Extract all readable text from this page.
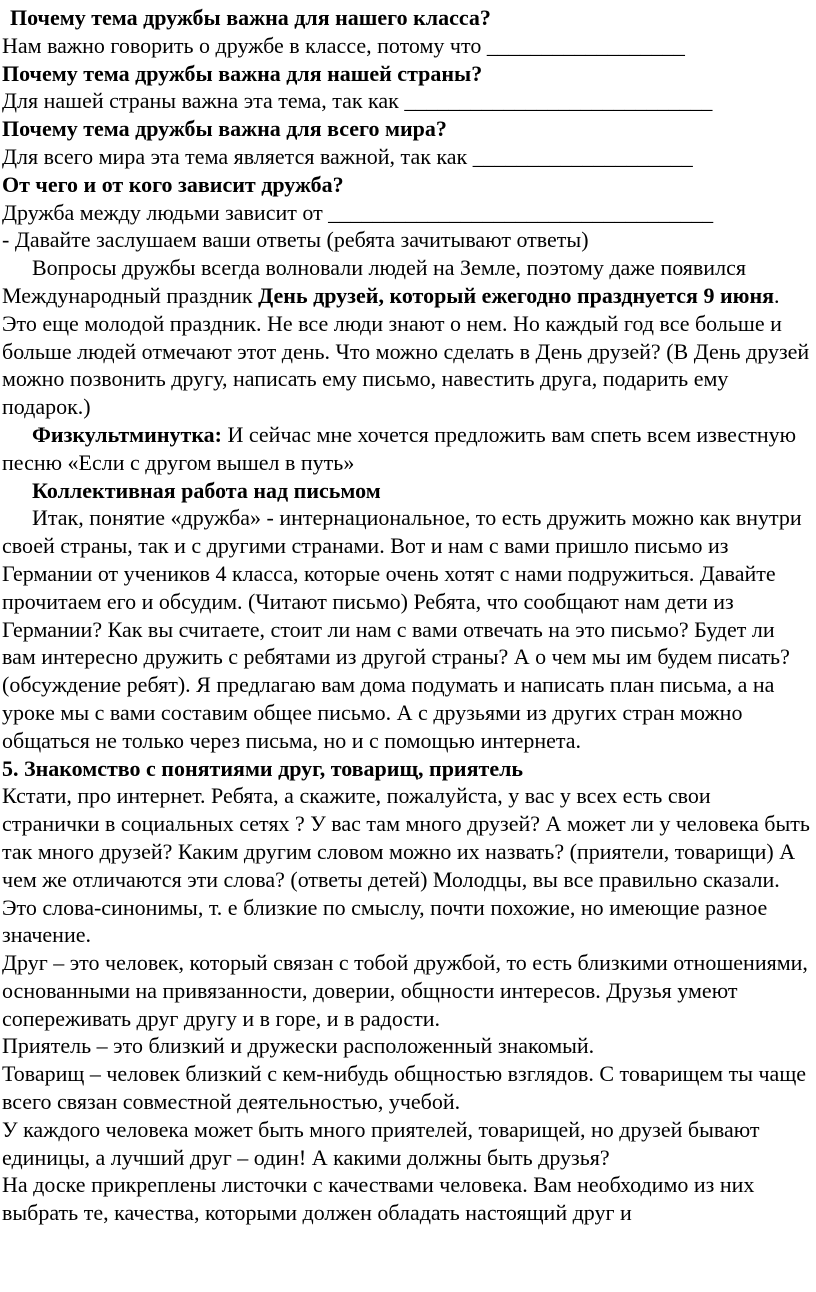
Почему тема дружбы важна для нашего класса?

Нам важно говорить о дружбе в классе, потому что __________________

Почему тема дружбы важна для нашей страны?

Для нашей страны важна эта тема, так как ____________________________

Почему тема дружбы важна для всего мира?

Для всего мира эта тема является важной, так как ____________________

От чего и от кого зависит дружба?

Дружба между людьми зависит от ___________________________________

- Давайте заслушаем ваши ответы (ребята зачитывают ответы)

Вопросы дружбы всегда волновали людей на Земле, поэтому даже появился Международный праздник День друзей, который ежегодно празднуется 9 июня. Это еще молодой праздник. Не все люди знают о нем. Но каждый год все больше и больше людей отмечают этот день. Что можно сделать в День друзей? (В День друзей можно позвонить другу, написать ему письмо, навестить друга, подарить ему подарок.)

Физкультминутка: И сейчас мне хочется предложить вам спеть всем известную песню «Если с другом вышел в путь»

Коллективная работа над письмом

Итак, понятие «дружба» - интернациональное, то есть дружить можно как внутри своей страны, так и с другими странами. Вот и нам с вами пришло письмо из Германии от учеников 4 класса, которые очень хотят с нами подружиться. Давайте прочитаем его и обсудим. (Читают письмо) Ребята, что сообщают нам дети из Германии? Как вы считаете, стоит ли нам с вами отвечать на это письмо? Будет ли вам интересно дружить с ребятами из другой страны? А о чем мы им будем писать? (обсуждение ребят). Я предлагаю вам дома подумать и написать план письма, а на уроке мы с вами составим общее письмо. А с друзьями из других стран можно общаться не только через письма, но и с помощью интернета.

5. Знакомство с понятиями друг, товарищ, приятель

Кстати, про интернет. Ребята, а скажите, пожалуйста, у вас у всех есть свои странички в социальных сетях ? У вас там много друзей? А может ли у человека быть так много друзей? Каким другим словом можно их назвать? (приятели, товарищи) А чем же отличаются эти слова? (ответы детей) Молодцы, вы все правильно сказали. Это слова-синонимы, т. е близкие по смыслу, почти похожие, но имеющие разное значение.

Друг – это человек, который связан с тобой дружбой, то есть близкими отношениями, основанными на привязанности, доверии, общности интересов. Друзья умеют сопереживать друг другу и в горе, и в радости.

Приятель – это близкий и дружески расположенный знакомый.

Товарищ – человек близкий с кем-нибудь общностью взглядов. С товарищем ты чаще всего связан совместной деятельностью, учебой.

У каждого человека может быть много приятелей, товарищей, но друзей бывают единицы, а лучший друг – один! А какими должны быть друзья?

На доске прикреплены листочки с качествами человека. Вам необходимо из них выбрать те, качества, которыми должен обладать настоящий друг и
